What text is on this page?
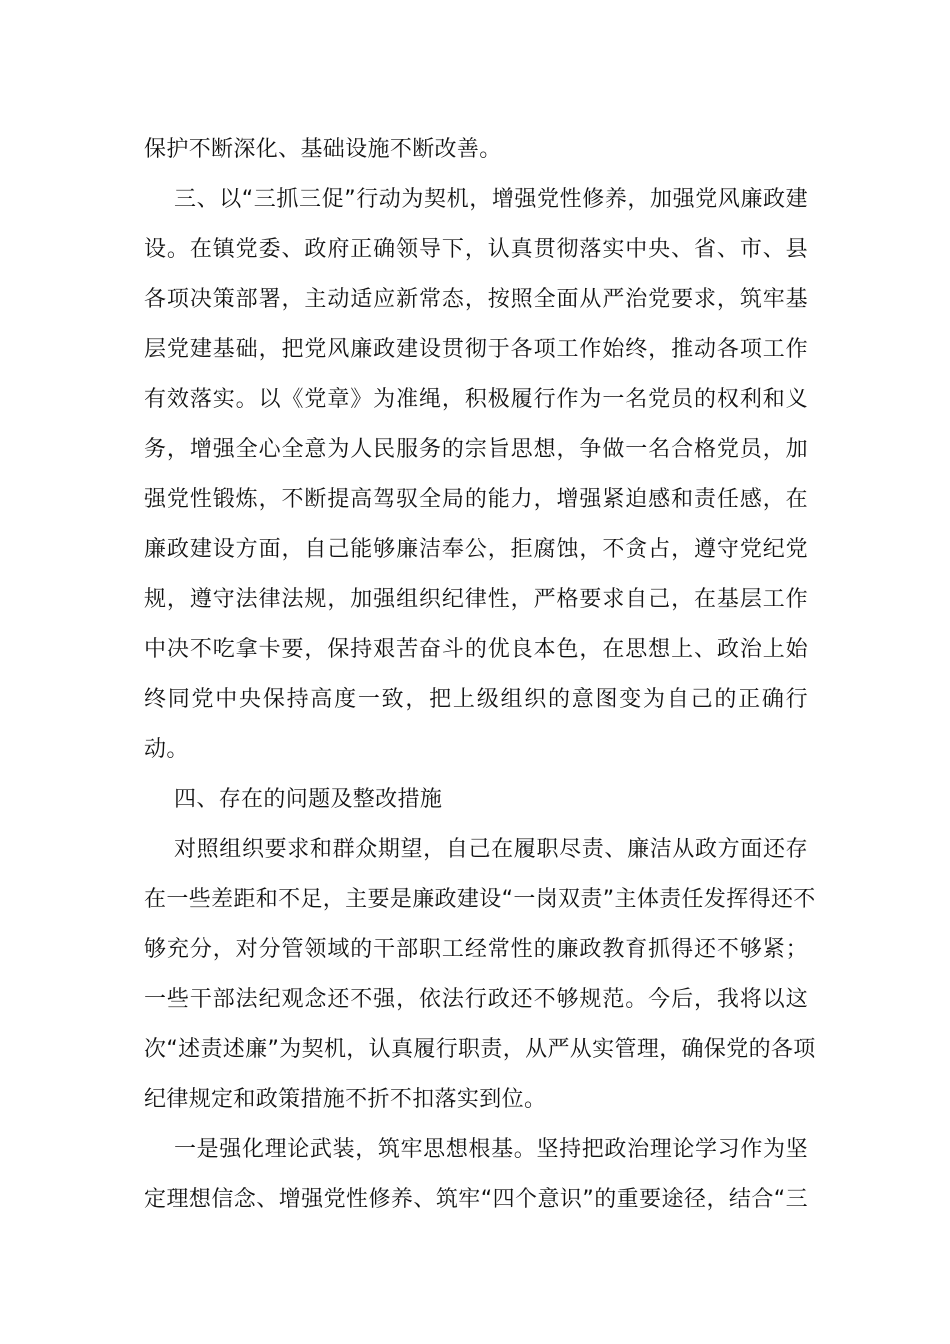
保护不断深化、基础设施不断改善。
三、以“三抓三促”行动为契机，增强党性修养，加强党风廉政建
设。在镇党委、政府正确领导下，认真贯彻落实中央、省、市、县
各项决策部署，主动适应新常态，按照全面从严治党要求，筑牢基
层党建基础，把党风廉政建设贯彻于各项工作始终，推动各项工作
有效落实。以《党章》为准绳，积极履行作为一名党员的权利和义
务，增强全心全意为人民服务的宗旨思想，争做一名合格党员，加
强党性锻炼，不断提高驾驭全局的能力，增强紧迫感和责任感，在
廉政建设方面，自己能够廉洁奉公，拒腐蚀，不贪占，遵守党纪党
规，遵守法律法规，加强组织纪律性，严格要求自己，在基层工作
中决不吃拿卡要，保持艰苦奋斗的优良本色，在思想上、政治上始
终同党中央保持高度一致，把上级组织的意图变为自己的正确行
动。
四、存在的问题及整改措施
对照组织要求和群众期望，自己在履职尽责、廉洁从政方面还存
在一些差距和不足，主要是廉政建设“一岗双责”主体责任发挥得还不
够充分，对分管领域的干部职工经常性的廉政教育抓得还不够紧；
一些干部法纪观念还不强，依法行政还不够规范。今后，我将以这
次“述责述廉”为契机，认真履行职责，从严从实管理，确保党的各项
纪律规定和政策措施不折不扣落实到位。
一是强化理论武装，筑牢思想根基。坚持把政治理论学习作为坚
定理想信念、增强党性修养、筑牢“四个意识”的重要途径，结合“三
